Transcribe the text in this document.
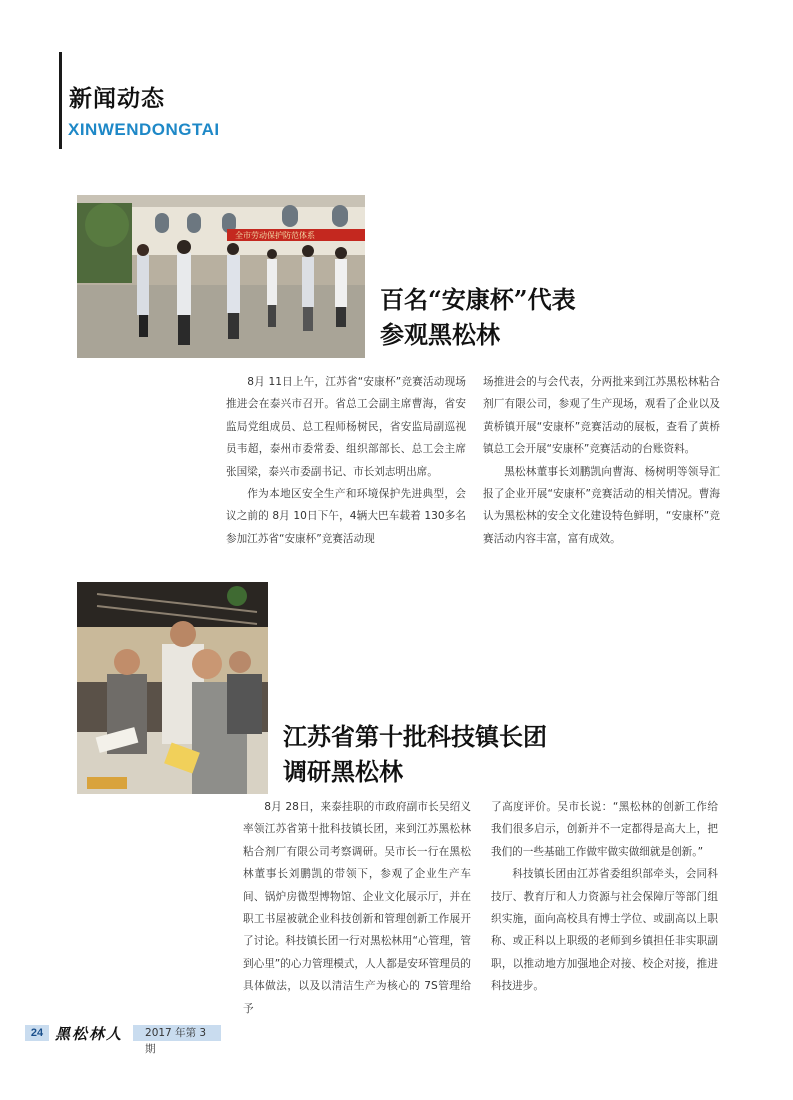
新闻动态
XINWENDONGTAI
全市劳动保护防范体系
百名“安康杯”代表
参观黑松林

8月 11日上午，江苏省“安康杯”竞赛活动现场推进会在泰兴市召开。省总工会副主席曹海，省安监局党组成员、总工程师杨树民，省安监局副巡视员韦超，泰州市委常委、组织部部长、总工会主席张国梁，泰兴市委副书记、市长刘志明出席。

作为本地区安全生产和环境保护先进典型，会议之前的 8月 10日下午，4辆大巴车载着 130多名参加江苏省“安康杯”竞赛活动现

场推进会的与会代表，分两批来到江苏黑松林粘合剂厂有限公司，参观了生产现场，观看了企业以及黄桥镇开展“安康杯”竞赛活动的展板，查看了黄桥镇总工会开展“安康杯”竞赛活动的台账资料。

黑松林董事长刘鹏凯向曹海、杨树明等领导汇报了企业开展“安康杯”竞赛活动的相关情况。曹海认为黑松林的安全文化建设特色鲜明，“安康杯”竞赛活动内容丰富，富有成效。

江苏省第十批科技镇长团
调研黑松林

8月 28日，来泰挂职的市政府副市长吴绍义率领江苏省第十批科技镇长团，来到江苏黑松林粘合剂厂有限公司考察调研。吴市长一行在黑松林董事长刘鹏凯的带领下，参观了企业生产车间、锅炉房微型博物馆、企业文化展示厅，并在职工书屋被就企业科技创新和管理创新工作展开了讨论。科技镇长团一行对黑松林用“心管理，管到心里”的心力管理模式，人人都是安环管理员的具体做法，以及以清洁生产为核心的 7S管理给予

了高度评价。吴市长说：“黑松林的创新工作给我们很多启示，创新并不一定都得是高大上，把我们的一些基础工作做牢做实做细就是创新。”

科技镇长团由江苏省委组织部牵头，会同科技厅、教育厅和人力资源与社会保障厅等部门组织实施，面向高校具有博士学位、或副高以上职称、或正科以上职级的老师到乡镇担任非实职副职，以推动地方加强地企对接、校企对接，推进科技进步。

24 黑松林人	2017 年第 3 期
